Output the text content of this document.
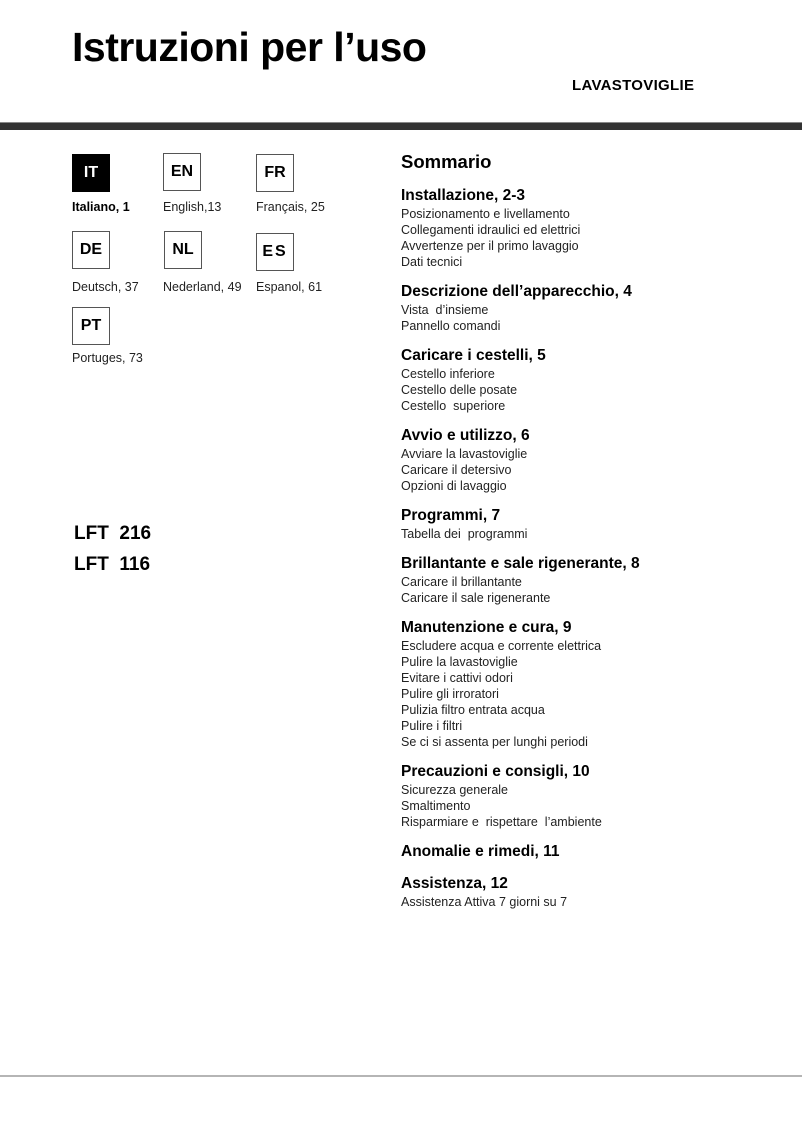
Istruzioni per l’uso
LAVASTOVIGLIE
IT
Italiano, 1
EN
English,13
FR
Français, 25
DE
Deutsch, 37
NL
Nederland, 49
ES
Espanol, 61
PT
Portuges, 73
LFT  216
LFT  116
Sommario
Installazione, 2-3
Posizionamento e livellamento
Collegamenti idraulici ed elettrici
Avvertenze per il primo lavaggio
Dati tecnici
Descrizione dell’apparecchio, 4
Vista  d’insieme
Pannello comandi
Caricare i cestelli, 5
Cestello inferiore
Cestello delle posate
Cestello  superiore
Avvio e utilizzo, 6
Avviare la lavastoviglie
Caricare il detersivo
Opzioni di lavaggio
Programmi, 7
Tabella dei  programmi
Brillantante e sale rigenerante, 8
Caricare il brillantante
Caricare il sale rigenerante
Manutenzione e cura, 9
Escludere acqua e corrente elettrica
Pulire la lavastoviglie
Evitare i cattivi odori
Pulire gli irroratori
Pulizia filtro entrata acqua
Pulire i filtri
Se ci si assenta per lunghi periodi
Precauzioni e consigli, 10
Sicurezza generale
Smaltimento
Risparmiare e  rispettare  l’ambiente
Anomalie e rimedi, 11
Assistenza, 12
Assistenza Attiva 7 giorni su 7
